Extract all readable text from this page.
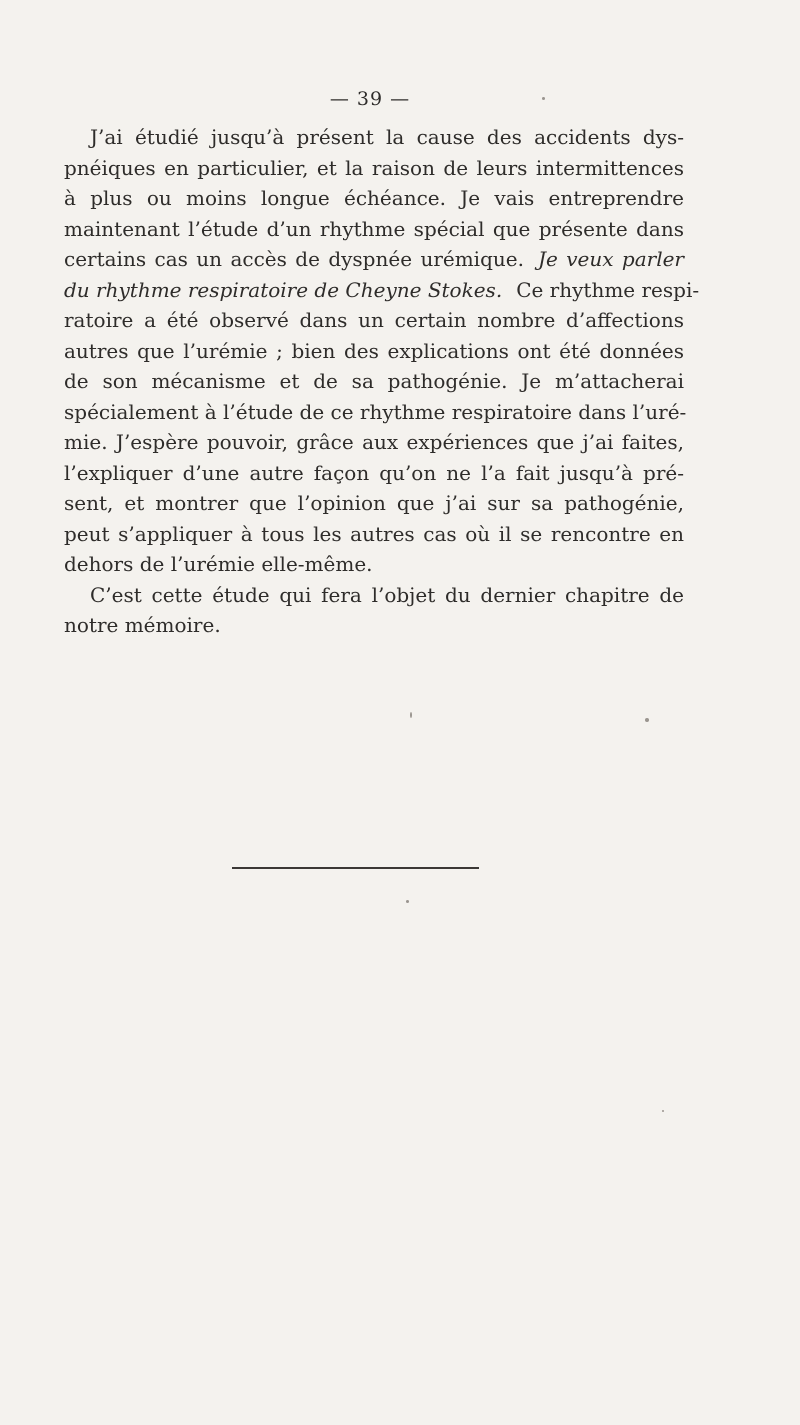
— 39 —
J’ai étudié jusqu’à présent la cause des accidents dys-
pnéiques en particulier, et la raison de leurs intermittences
à plus ou moins longue échéance. Je vais entreprendre
maintenant l’étude d’un rhythme spécial que présente dans
certains cas un accès de dyspnée urémique. Je veux parler
du rhythme respiratoire de Cheyne Stokes. Ce rhythme respi-
ratoire a été observé dans un certain nombre d’affections
autres que l’urémie ; bien des explications ont été données
de son mécanisme et de sa pathogénie. Je m’attacherai
spécialement à l’étude de ce rhythme respiratoire dans l’uré-
mie. J’espère pouvoir, grâce aux expériences que j’ai faites,
l’expliquer d’une autre façon qu’on ne l’a fait jusqu’à pré-
sent, et montrer que l’opinion que j’ai sur sa pathogénie,
peut s’appliquer à tous les autres cas où il se rencontre en
dehors de l’urémie elle-même.
C’est cette étude qui fera l’objet du dernier chapitre de
notre mémoire.
